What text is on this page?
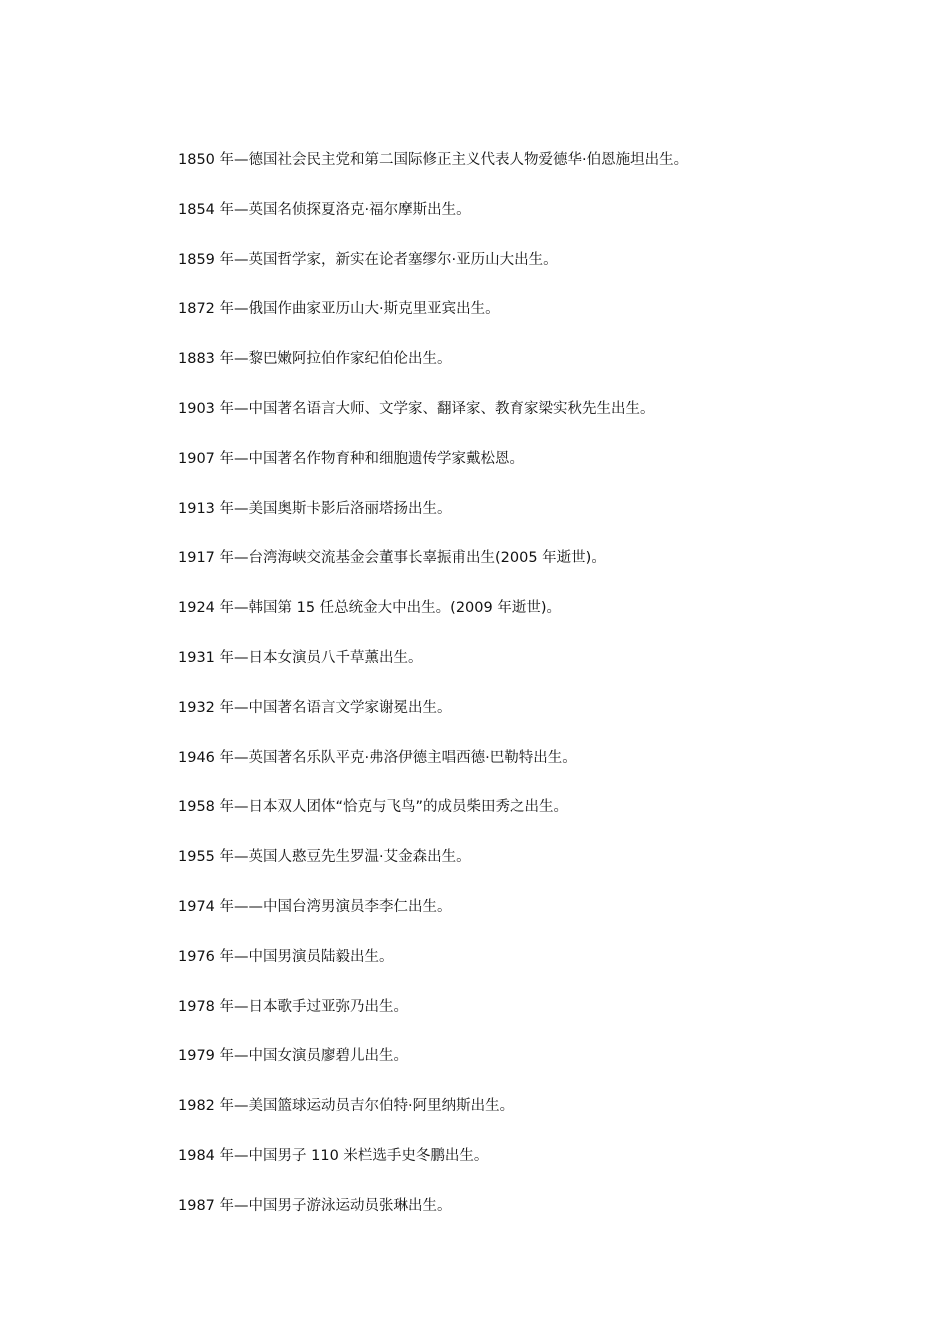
1850 年—德国社会民主党和第二国际修正主义代表人物爱德华·伯恩施坦出生。
1854 年—英国名侦探夏洛克·福尔摩斯出生。
1859 年—英国哲学家，新实在论者塞缪尔·亚历山大出生。
1872 年—俄国作曲家亚历山大·斯克里亚宾出生。
1883 年—黎巴嫩阿拉伯作家纪伯伦出生。
1903 年—中国著名语言大师、文学家、翻译家、教育家梁实秋先生出生。
1907 年—中国著名作物育种和细胞遗传学家戴松恩。
1913 年—美国奥斯卡影后洛丽塔扬出生。
1917 年—台湾海峡交流基金会董事长辜振甫出生(2005 年逝世)。
1924 年—韩国第 15 任总统金大中出生。(2009 年逝世)。
1931 年—日本女演员八千草薰出生。
1932 年—中国著名语言文学家谢冕出生。
1946 年—英国著名乐队平克·弗洛伊德主唱西德·巴勒特出生。
1958 年—日本双人团体“恰克与飞鸟”的成员柴田秀之出生。
1955 年—英国人憨豆先生罗温·艾金森出生。
1974 年——中国台湾男演员李李仁出生。
1976 年—中国男演员陆毅出生。
1978 年—日本歌手过亚弥乃出生。
1979 年—中国女演员廖碧儿出生。
1982 年—美国篮球运动员吉尔伯特·阿里纳斯出生。
1984 年—中国男子 110 米栏选手史冬鹏出生。
1987 年—中国男子游泳运动员张琳出生。
